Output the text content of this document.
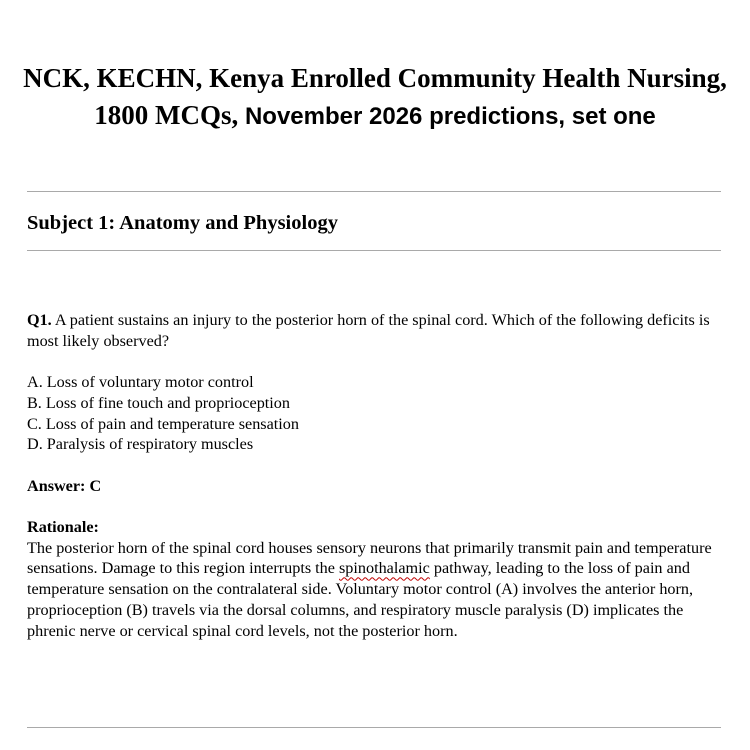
NCK, KECHN, Kenya Enrolled Community Health Nursing, 1800 MCQs, November 2026 predictions, set one
Subject 1: Anatomy and Physiology

Q1. A patient sustains an injury to the posterior horn of the spinal cord. Which of the following deficits is most likely observed?

A. Loss of voluntary motor control

B. Loss of fine touch and proprioception

C. Loss of pain and temperature sensation

D. Paralysis of respiratory muscles

Answer: C

Rationale:

The posterior horn of the spinal cord houses sensory neurons that primarily transmit pain and temperature sensations. Damage to this region interrupts the spinothalamic pathway, leading to the loss of pain and temperature sensation on the contralateral side. Voluntary motor control (A) involves the anterior horn, proprioception (B) travels via the dorsal columns, and respiratory muscle paralysis (D) implicates the phrenic nerve or cervical spinal cord levels, not the posterior horn.
